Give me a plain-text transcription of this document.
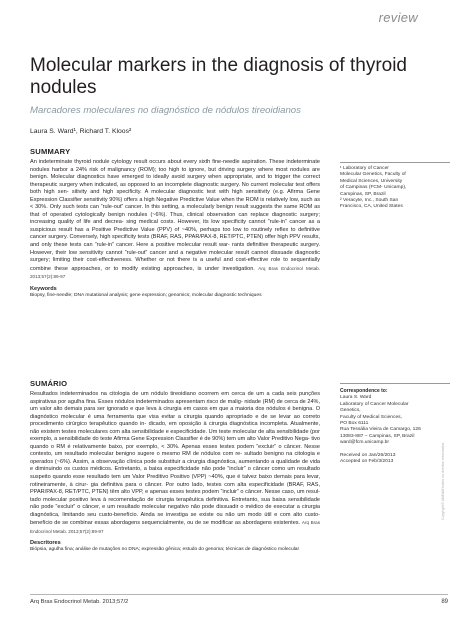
review
Molecular markers in the diagnosis of thyroid nodules
Marcadores moleculares no diagnóstico de nódulos tireoidianos
Laura S. Ward¹, Richard T. Kloos²
SUMMARY
An indeterminate thyroid nodule cytology result occurs about every sixth fine-needle aspiration. These indeterminate nodules harbor a 24% risk of malignancy (ROM); too high to ignore, but driving surgery where most nodules are benign. Molecular diagnostics have emerged to ideally avoid surgery when appropriate, and to trigger the correct therapeutic surgery when indicated, as opposed to an incomplete diagnostic surgery. No current molecular test offers both high sen- sitivity and high specificity. A molecular diagnostic test with high sensitivity (e.g. Afirma Gene Expression Classifier sensitivity 90%) offers a high Negative Predictive Value when the ROM is relatively low, such as < 30%. Only such tests can “rule-out” cancer. In this setting, a molecularly benign result suggests the same ROM as that of operated cytologically benign nodules (~6%). Thus, clinical observation can replace diagnostic surgery; increasing quality of life and decrea- sing medical costs. However, its low specificity cannot “rule-in” cancer as a suspicious result has a Positive Predictive Value (PPV) of ~40%, perhaps too low to routinely reflex to definitive cancer surgery. Conversely, high specificity tests (BRAF, RAS, PPAR/PAX-8, RET/PTC, PTEN) offer high PPV results, and only these tests can “rule-in” cancer. Here a positive molecular result war- rants definitive therapeutic surgery. However, their low sensitivity cannot “rule-out” cancer and a negative molecular result cannot dissuade diagnostic surgery; limiting their cost-effectiveness. Whether or not there is a useful and cost-effective role to sequentially combine these approaches, or to modify existing approaches, is under investigation. Arq Bras Endocrinol Metab. 2013;57(2):89-97
Keywords
Biopsy, fine-needle; DNA mutational analysis; gene expression; genomics; molecular diagnostic techniques
SUMÁRIO
Resultados indeterminados na citologia de um nódulo tireoidiano ocorrem em cerca de um a cada seis punções aspirativas por agulha fina. Esses nódulos indeterminados apresentam risco de malig- nidade (RM) de cerca de 24%, um valor alto demais para ser ignorado e que leva à cirurgia em casos em que a maioria dos nódulos é benigna. O diagnóstico molecular é uma ferramenta que visa evitar a cirurgia quando apropriado e de se levar ao correto procedimento cirúrgico terapêutico quando in- dicado, em oposição à cirurgia diagnóstica incompleta. Atualmente, não existem testes moleculares com alta sensibilidade e especificidade. Um teste molecular de alta sensibilidade (por exemplo, a sensibilidade do teste Afirma Gene Expression Classifier é de 90%) tem um alto Valor Preditivo Nega- tivo quando o RM é relativamente baixo, por exemplo, < 30%. Apenas esses testes podem “excluir” o câncer. Nesse contexto, um resultado molecular benigno sugere o mesmo RM de nódulos com re- sultado benigno na citologia e operados (~6%). Assim, a observação clínica pode substituir a cirurgia diagnóstica, aumentando a qualidade de vida e diminuindo os custos médicos. Entretanto, a baixa especificidade não pode “incluir” o câncer como um resultado suspeito quando esse resultado tem um Valor Preditivo Positivo (VPP) ~40%, que é talvez baixo demais para levar, rotineiramente, à cirur- gia definitiva para o câncer. Por outro lado, testes com alta especificidade (BRAF, RAS, PPAR/PAX-8, RET/PTC, PTEN) têm alto VPP, e apenas esses testes podem “incluir” o câncer. Nesse caso, um resul- tado molecular positivo leva à recomendação de cirurgia terapêutica definitiva. Entretanto, sua baixa sensibilidade não pode “excluir” o câncer, e um resultado molecular negativo não pode dissuadir o médico de executar a cirurgia diagnóstica, limitando seu custo-benefício. Ainda se investiga se existe ou não um modo útil e com alto custo-benefício de se combinar essas abordagens sequencialmente, ou de se modificar as abordagens existentes. Arq Bras Endocrinol Metab. 2013;57(2):89-97
Descritores
Biópsia, agulha fina; análise de mutações no DNA; expressão gênica; estudo do genoma; técnicas de diagnóstico molecular
¹ Laboratory of Cancer
Molecular Genetics, Faculty of
Medical Sciences, University
of Campinas (FCM- Unicamp),
Campinas, SP, Brazil
² Veracyte, Inc., South San
Francisco, CA, United States
Correspondence to:
Laura S. Ward
Laboratory of Cancer Molecular
Genetics,
Faculty of Medical Sciences,
PO Box 6111
Rua Tessália Vieira de Camargo, 126
13083-887 – Campinas, SP, Brazil
ward@fcm.unicamp.br
Received on Jan/26/2013
Accepted on Feb/3/2013	Copyright© ABE&M todos os direitos reservados.
Arq Bras Endocrinol Metab. 2013;57/2	89
